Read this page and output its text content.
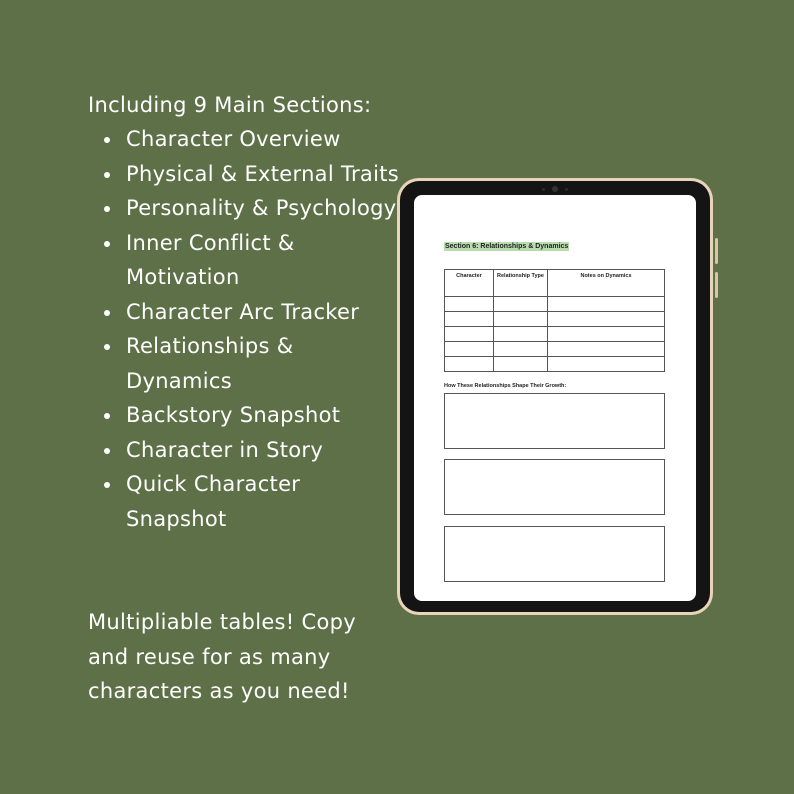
Including 9 Main Sections:

Character Overview
Physical & External Traits
Personality & Psychology
Inner Conflict & Motivation
Character Arc Tracker
Relationships & Dynamics
Backstory Snapshot
Character in Story
Quick Character Snapshot

Multipliable tables! Copy and reuse for as many characters as you need!

Section 6: Relationships & Dynamics
Character	Relationship Type	Notes on Dynamics

How These Relationships Shape Their Growth:
